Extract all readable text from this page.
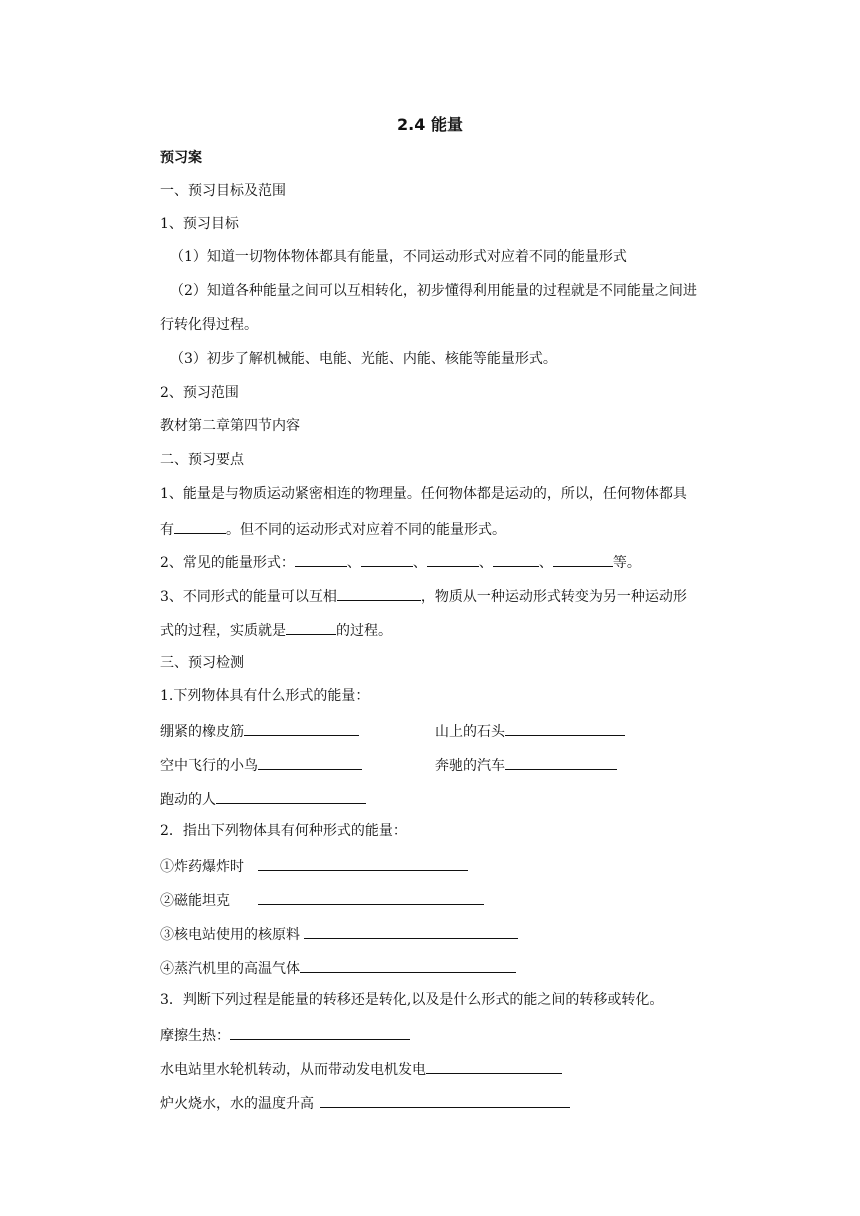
2.4 能量
预习案
一、预习目标及范围
1、预习目标
（1）知道一切物体物体都具有能量，不同运动形式对应着不同的能量形式
（2）知道各种能量之间可以互相转化，初步懂得利用能量的过程就是不同能量之间进
行转化得过程。
（3）初步了解机械能、电能、光能、内能、核能等能量形式。
2、预习范围
教材第二章第四节内容
二、预习要点
1、能量是与物质运动紧密相连的物理量。任何物体都是运动的，所以，任何物体都具
有	。但不同的运动形式对应着不同的能量形式。
2、常见的能量形式：	、	、	、	、	等。
3、不同形式的能量可以互相	，物质从一种运动形式转变为另一种运动形
式的过程，实质就是	的过程。
三、预习检测
1.下列物体具有什么形式的能量：
绷紧的橡皮筋	山上的石头
空中飞行的小鸟	奔驰的汽车
跑动的人
2．指出下列物体具有何种形式的能量：
①炸药爆炸时
②磁能坦克
③核电站使用的核原料
④蒸汽机里的高温气体
3．判断下列过程是能量的转移还是转化,以及是什么形式的能之间的转移或转化。
摩擦生热：
水电站里水轮机转动，从而带动发电机发电
炉火烧水，水的温度升高
